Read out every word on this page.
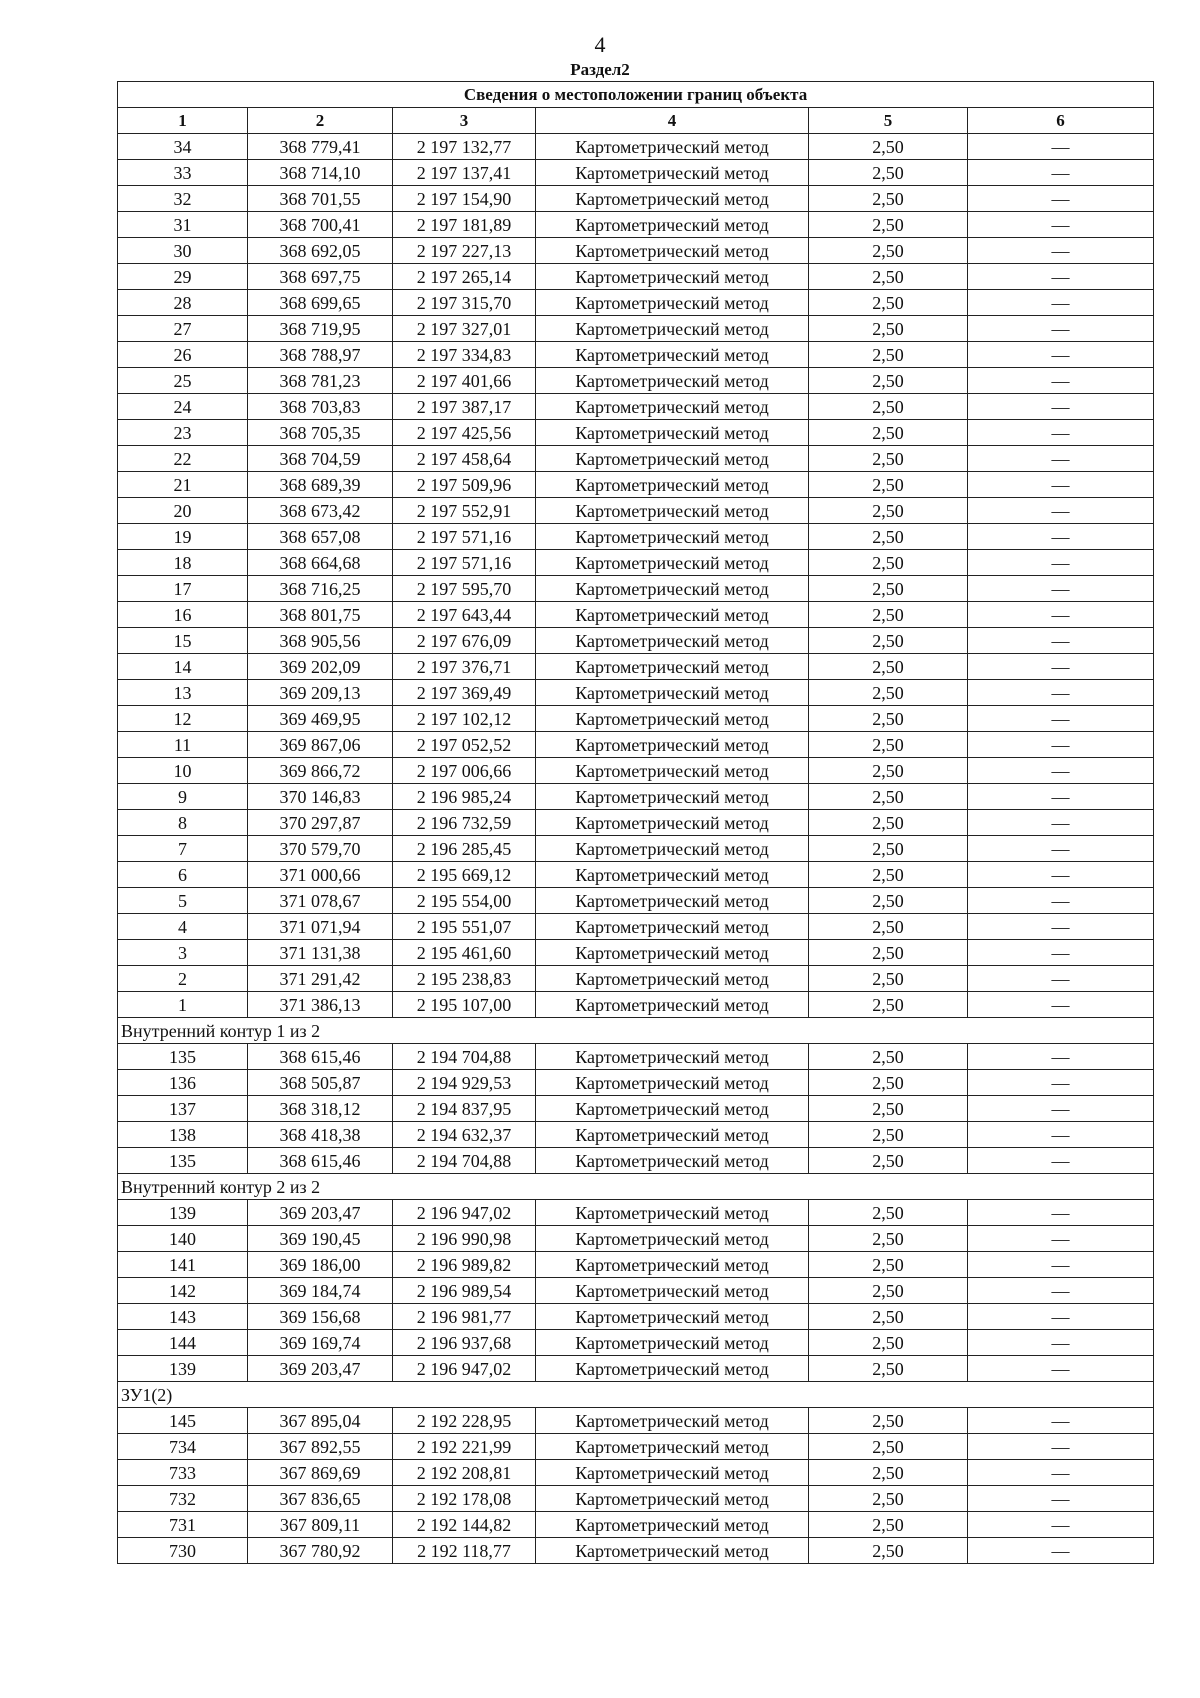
4
Раздел2
Сведения о местоположении границ объекта					
1	2	3	4	5	6
34	368 779,41	2 197 132,77	Картометрический метод	2,50	—
33	368 714,10	2 197 137,41	Картометрический метод	2,50	—
32	368 701,55	2 197 154,90	Картометрический метод	2,50	—
31	368 700,41	2 197 181,89	Картометрический метод	2,50	—
30	368 692,05	2 197 227,13	Картометрический метод	2,50	—
29	368 697,75	2 197 265,14	Картометрический метод	2,50	—
28	368 699,65	2 197 315,70	Картометрический метод	2,50	—
27	368 719,95	2 197 327,01	Картометрический метод	2,50	—
26	368 788,97	2 197 334,83	Картометрический метод	2,50	—
25	368 781,23	2 197 401,66	Картометрический метод	2,50	—
24	368 703,83	2 197 387,17	Картометрический метод	2,50	—
23	368 705,35	2 197 425,56	Картометрический метод	2,50	—
22	368 704,59	2 197 458,64	Картометрический метод	2,50	—
21	368 689,39	2 197 509,96	Картометрический метод	2,50	—
20	368 673,42	2 197 552,91	Картометрический метод	2,50	—
19	368 657,08	2 197 571,16	Картометрический метод	2,50	—
18	368 664,68	2 197 571,16	Картометрический метод	2,50	—
17	368 716,25	2 197 595,70	Картометрический метод	2,50	—
16	368 801,75	2 197 643,44	Картометрический метод	2,50	—
15	368 905,56	2 197 676,09	Картометрический метод	2,50	—
14	369 202,09	2 197 376,71	Картометрический метод	2,50	—
13	369 209,13	2 197 369,49	Картометрический метод	2,50	—
12	369 469,95	2 197 102,12	Картометрический метод	2,50	—
11	369 867,06	2 197 052,52	Картометрический метод	2,50	—
10	369 866,72	2 197 006,66	Картометрический метод	2,50	—
9	370 146,83	2 196 985,24	Картометрический метод	2,50	—
8	370 297,87	2 196 732,59	Картометрический метод	2,50	—
7	370 579,70	2 196 285,45	Картометрический метод	2,50	—
6	371 000,66	2 195 669,12	Картометрический метод	2,50	—
5	371 078,67	2 195 554,00	Картометрический метод	2,50	—
4	371 071,94	2 195 551,07	Картометрический метод	2,50	—
3	371 131,38	2 195 461,60	Картометрический метод	2,50	—
2	371 291,42	2 195 238,83	Картометрический метод	2,50	—
1	371 386,13	2 195 107,00	Картометрический метод	2,50	—
Внутренний контур 1 из 2					
135	368 615,46	2 194 704,88	Картометрический метод	2,50	—
136	368 505,87	2 194 929,53	Картометрический метод	2,50	—
137	368 318,12	2 194 837,95	Картометрический метод	2,50	—
138	368 418,38	2 194 632,37	Картометрический метод	2,50	—
135	368 615,46	2 194 704,88	Картометрический метод	2,50	—
Внутренний контур 2 из 2					
139	369 203,47	2 196 947,02	Картометрический метод	2,50	—
140	369 190,45	2 196 990,98	Картометрический метод	2,50	—
141	369 186,00	2 196 989,82	Картометрический метод	2,50	—
142	369 184,74	2 196 989,54	Картометрический метод	2,50	—
143	369 156,68	2 196 981,77	Картометрический метод	2,50	—
144	369 169,74	2 196 937,68	Картометрический метод	2,50	—
139	369 203,47	2 196 947,02	Картометрический метод	2,50	—
ЗУ1(2)					
145	367 895,04	2 192 228,95	Картометрический метод	2,50	—
734	367 892,55	2 192 221,99	Картометрический метод	2,50	—
733	367 869,69	2 192 208,81	Картометрический метод	2,50	—
732	367 836,65	2 192 178,08	Картометрический метод	2,50	—
731	367 809,11	2 192 144,82	Картометрический метод	2,50	—
730	367 780,92	2 192 118,77	Картометрический метод	2,50	—
